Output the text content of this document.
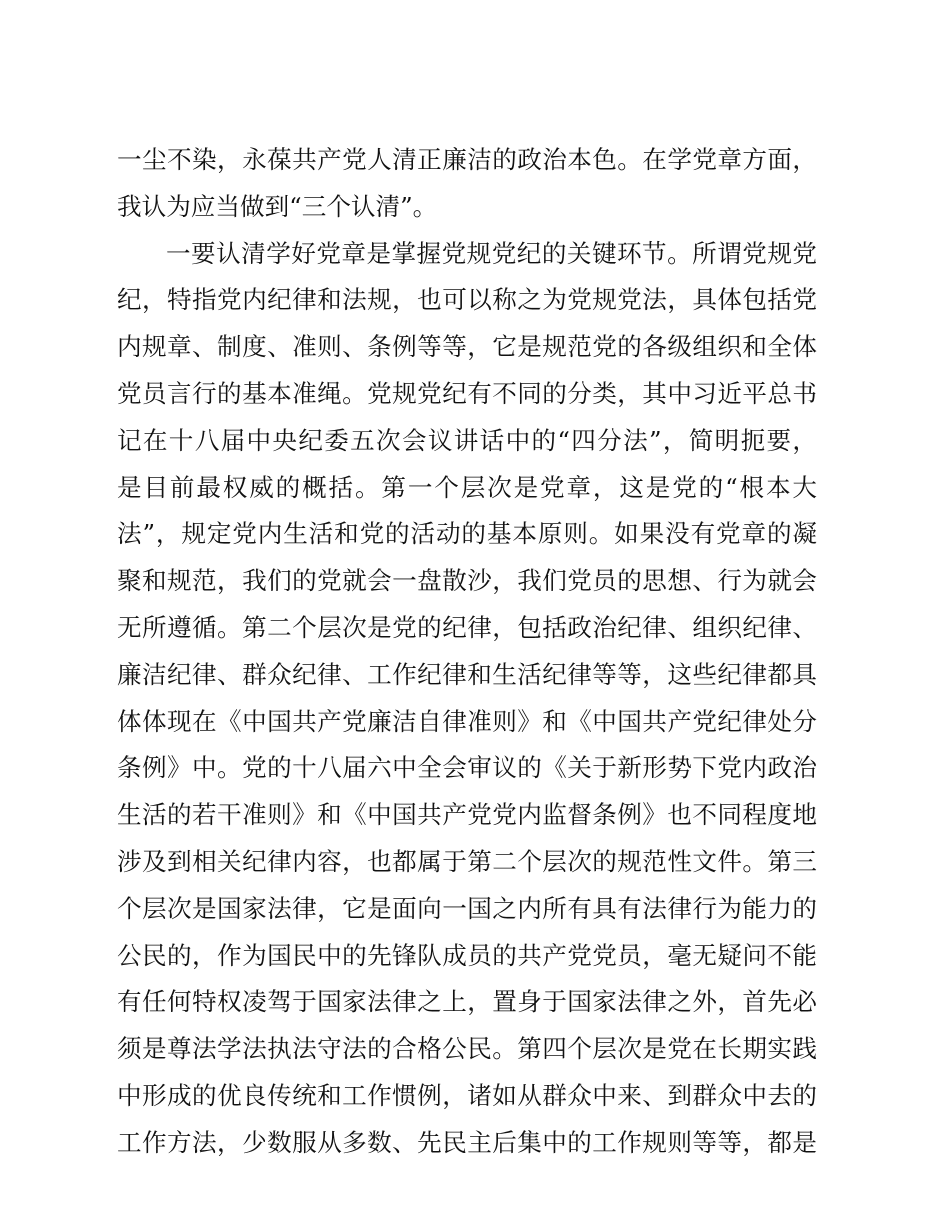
一尘不染，永葆共产党人清正廉洁的政治本色。在学党章方面，
我认为应当做到“三个认清”。
一要认清学好党章是掌握党规党纪的关键环节。所谓党规党
纪，特指党内纪律和法规，也可以称之为党规党法，具体包括党
内规章、制度、准则、条例等等，它是规范党的各级组织和全体
党员言行的基本准绳。党规党纪有不同的分类，其中习近平总书
记在十八届中央纪委五次会议讲话中的“四分法”，简明扼要，
是目前最权威的概括。第一个层次是党章，这是党的“根本大
法”，规定党内生活和党的活动的基本原则。如果没有党章的凝
聚和规范，我们的党就会一盘散沙，我们党员的思想、行为就会
无所遵循。第二个层次是党的纪律，包括政治纪律、组织纪律、
廉洁纪律、群众纪律、工作纪律和生活纪律等等，这些纪律都具
体体现在《中国共产党廉洁自律准则》和《中国共产党纪律处分
条例》中。党的十八届六中全会审议的《关于新形势下党内政治
生活的若干准则》和《中国共产党党内监督条例》也不同程度地
涉及到相关纪律内容，也都属于第二个层次的规范性文件。第三
个层次是国家法律，它是面向一国之内所有具有法律行为能力的
公民的，作为国民中的先锋队成员的共产党党员，毫无疑问不能
有任何特权凌驾于国家法律之上，置身于国家法律之外，首先必
须是尊法学法执法守法的合格公民。第四个层次是党在长期实践
中形成的优良传统和工作惯例，诸如从群众中来、到群众中去的
工作方法，少数服从多数、先民主后集中的工作规则等等，都是
